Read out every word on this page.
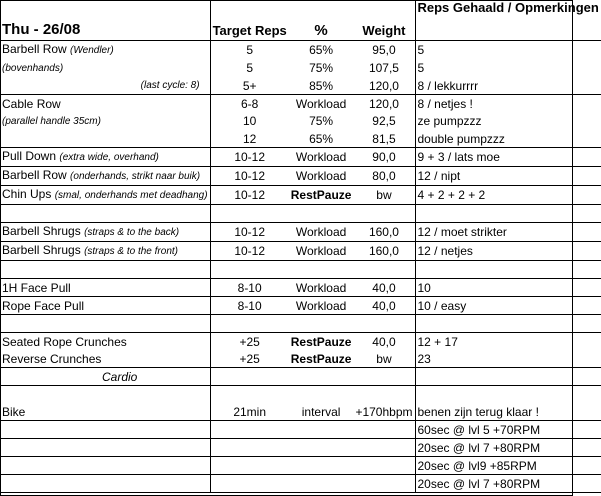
Thu - 26/08	Target Reps	%	Weight	Reps Gehaald / Opmerkingen
Barbell Row (Wendler)	5	65%	95,0	5
(bovenhands)	5	75%	107,5	5

(last cycle: 8)	5+	85%	120,0	8 / lekkurrrr
Cable Row	6-8	Workload	120,0	8 / netjes !
(parallel handle 35cm)	10	75%	92,5	ze pumpzzz
	12	65%	81,5	double pumpzzz
Pull Down (extra wide, overhand)	10-12	Workload	90,0	9 + 3 / lats moe
Barbell Row (onderhands, strikt naar buik)	10-12	Workload	80,0	12 / nipt
Chin Ups (smal, onderhands met deadhang)	10-12	RestPauze	bw	4 + 2 + 2 + 2

Barbell Shrugs (straps & to the back)	10-12	Workload	160,0	12 / moet strikter
Barbell Shrugs (straps & to the front)	10-12	Workload	160,0	12 / netjes

1H Face Pull	8-10	Workload	40,0	10
Rope Face Pull	8-10	Workload	40,0	10 / easy

Seated Rope Crunches	+25	RestPauze	40,0	12 + 17
Reverse Crunches	+25	RestPauze	bw	23
Cardio				

Bike	21min	interval	+170hbpm	benen zijn terug klaar !
				60sec @ lvl 5 +70RPM
				20sec @ lvl 7 +80RPM
				20sec @ lvl9 +85RPM
				20sec @ lvl 7 +80RPM
